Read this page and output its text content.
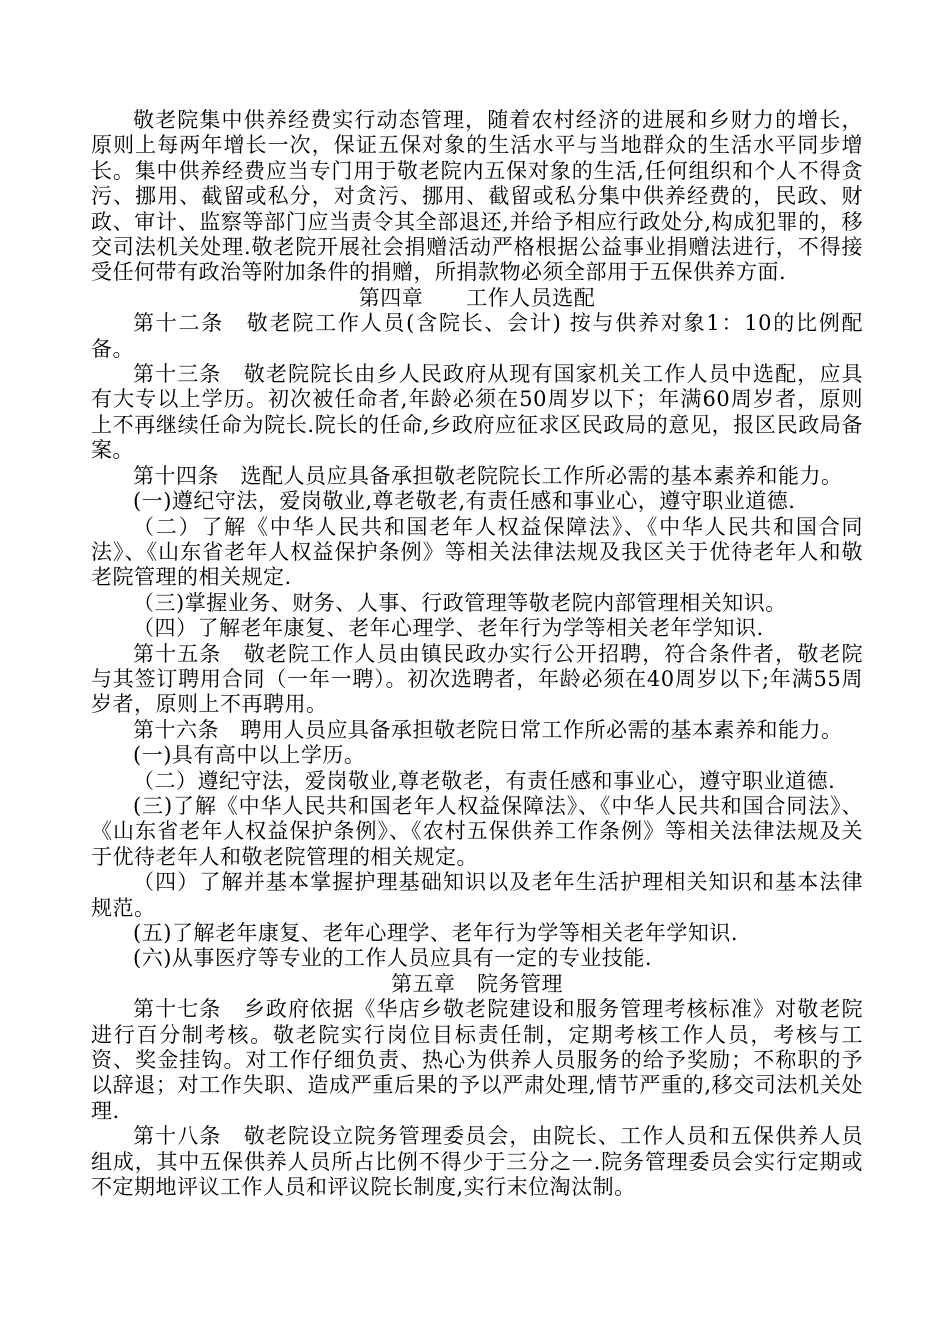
敬老院集中供养经费实行动态管理，随着农村经济的进展和乡财力的增长，原则上每两年增长一次，保证五保对象的生活水平与当地群众的生活水平同步增长。集中供养经费应当专门用于敬老院内五保对象的生活,任何组织和个人不得贪污、挪用、截留或私分，对贪污、挪用、截留或私分集中供养经费的，民政、财政、审计、监察等部门应当责令其全部退还,并给予相应行政处分,构成犯罪的，移交司法机关处理.敬老院开展社会捐赠活动严格根据公益事业捐赠法进行，不得接受任何带有政治等附加条件的捐赠，所捐款物必须全部用于五保供养方面.

第四章　　工作人员选配

第十二条　敬老院工作人员(含院长、会计) 按与供养对象1：10的比例配备。

第十三条　敬老院院长由乡人民政府从现有国家机关工作人员中选配，应具有大专以上学历。初次被任命者,年龄必须在50周岁以下；年满60周岁者，原则上不再继续任命为院长.院长的任命,乡政府应征求区民政局的意见，报区民政局备案。

第十四条　选配人员应具备承担敬老院院长工作所必需的基本素养和能力。

(一)遵纪守法，爱岗敬业,尊老敬老,有责任感和事业心，遵守职业道德.

（二）了解《中华人民共和国老年人权益保障法》、《中华人民共和国合同法》、《山东省老年人权益保护条例》等相关法律法规及我区关于优待老年人和敬老院管理的相关规定.

（三)掌握业务、财务、人事、行政管理等敬老院内部管理相关知识。

（四）了解老年康复、老年心理学、老年行为学等相关老年学知识.

第十五条　敬老院工作人员由镇民政办实行公开招聘，符合条件者，敬老院与其签订聘用合同（一年一聘）。初次选聘者，年龄必须在40周岁以下;年满55周岁者，原则上不再聘用。

第十六条　聘用人员应具备承担敬老院日常工作所必需的基本素养和能力。

(一)具有高中以上学历。

（二）遵纪守法，爱岗敬业,尊老敬老，有责任感和事业心，遵守职业道德.

(三)了解《中华人民共和国老年人权益保障法》、《中华人民共和国合同法》、《山东省老年人权益保护条例》、《农村五保供养工作条例》等相关法律法规及关于优待老年人和敬老院管理的相关规定。

（四）了解并基本掌握护理基础知识以及老年生活护理相关知识和基本法律规范。

(五)了解老年康复、老年心理学、老年行为学等相关老年学知识.

(六)从事医疗等专业的工作人员应具有一定的专业技能.

第五章　院务管理

第十七条　乡政府依据《华店乡敬老院建设和服务管理考核标准》对敬老院进行百分制考核。敬老院实行岗位目标责任制，定期考核工作人员，考核与工资、奖金挂钩。对工作仔细负责、热心为供养人员服务的给予奖励；不称职的予以辞退；对工作失职、造成严重后果的予以严肃处理,情节严重的,移交司法机关处理.

第十八条　敬老院设立院务管理委员会，由院长、工作人员和五保供养人员组成，其中五保供养人员所占比例不得少于三分之一.院务管理委员会实行定期或不定期地评议工作人员和评议院长制度,实行末位淘汰制。
